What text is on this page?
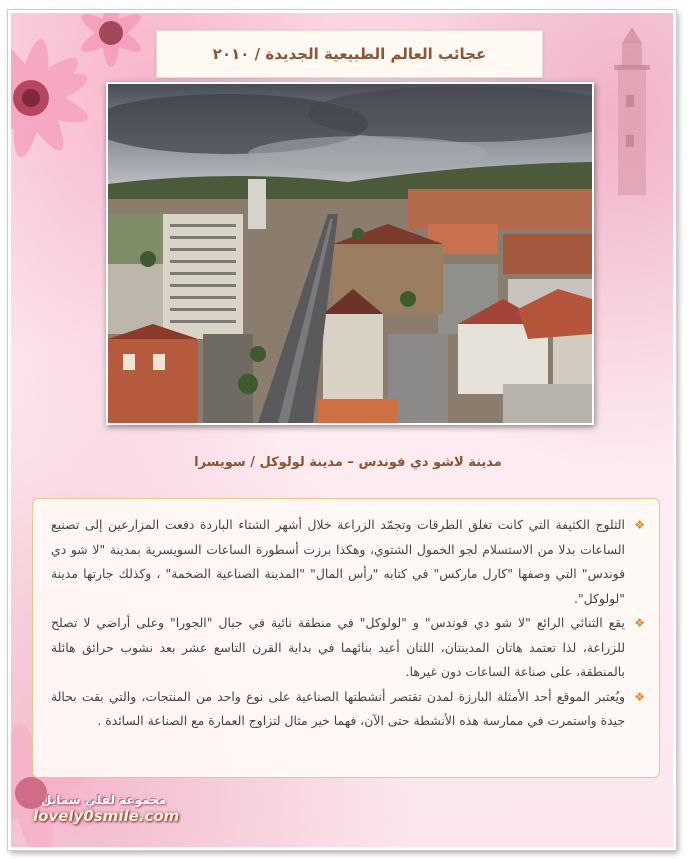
عجائب العالم الطبيعية الجديدة / ٢٠١٠
مدينة لاشو دي فوندس – مدينة لولوكل / سويسرا

❖
الثلوج الكثيفة التي كانت تغلق الطرقات وتجمّد الزراعة خلال أشهر الشتاء الباردة دفعت المزارعين إلى تصنيع الساعات بدلا من الاستسلام لجو الخمول الشتوي، وهكذا برزت أسطورة الساعات السويسرية بمدينة "لا شو دي فوندس" التي وصفها "كارل ماركس" في كتابه "رأس المال" "المدينة الصناعية الضخمة" ، وكذلك جارتها مدينة "لولوكل".

❖
يقع الثنائي الرائع "لا شو دي فوندس" و "لولوكل" في منطقة نائية في جبال "الجورا" وعلى أراضي لا تصلح للزراعة، لذا تعتمد هاتان المدينتان، اللتان أعيد بنائهما في بداية القرن التاسع عشر بعد نشوب حرائق هائلة بالمنطقة، على صناعة الساعات دون غيرها.

❖
ويُعتبر الموقع أحد الأمثلة البارزة لمدن تقتصر أنشطتها الصناعية على نوع واحد من المنتجات، والتي بقت بحالة جيدة واستمرت في ممارسة هذه الأنشطة حتى الآن، فهما خير مثال لتزاوج العمارة مع الصناعة السائدة .

مجموعة لفلي سمايل
lovely0smile.com
